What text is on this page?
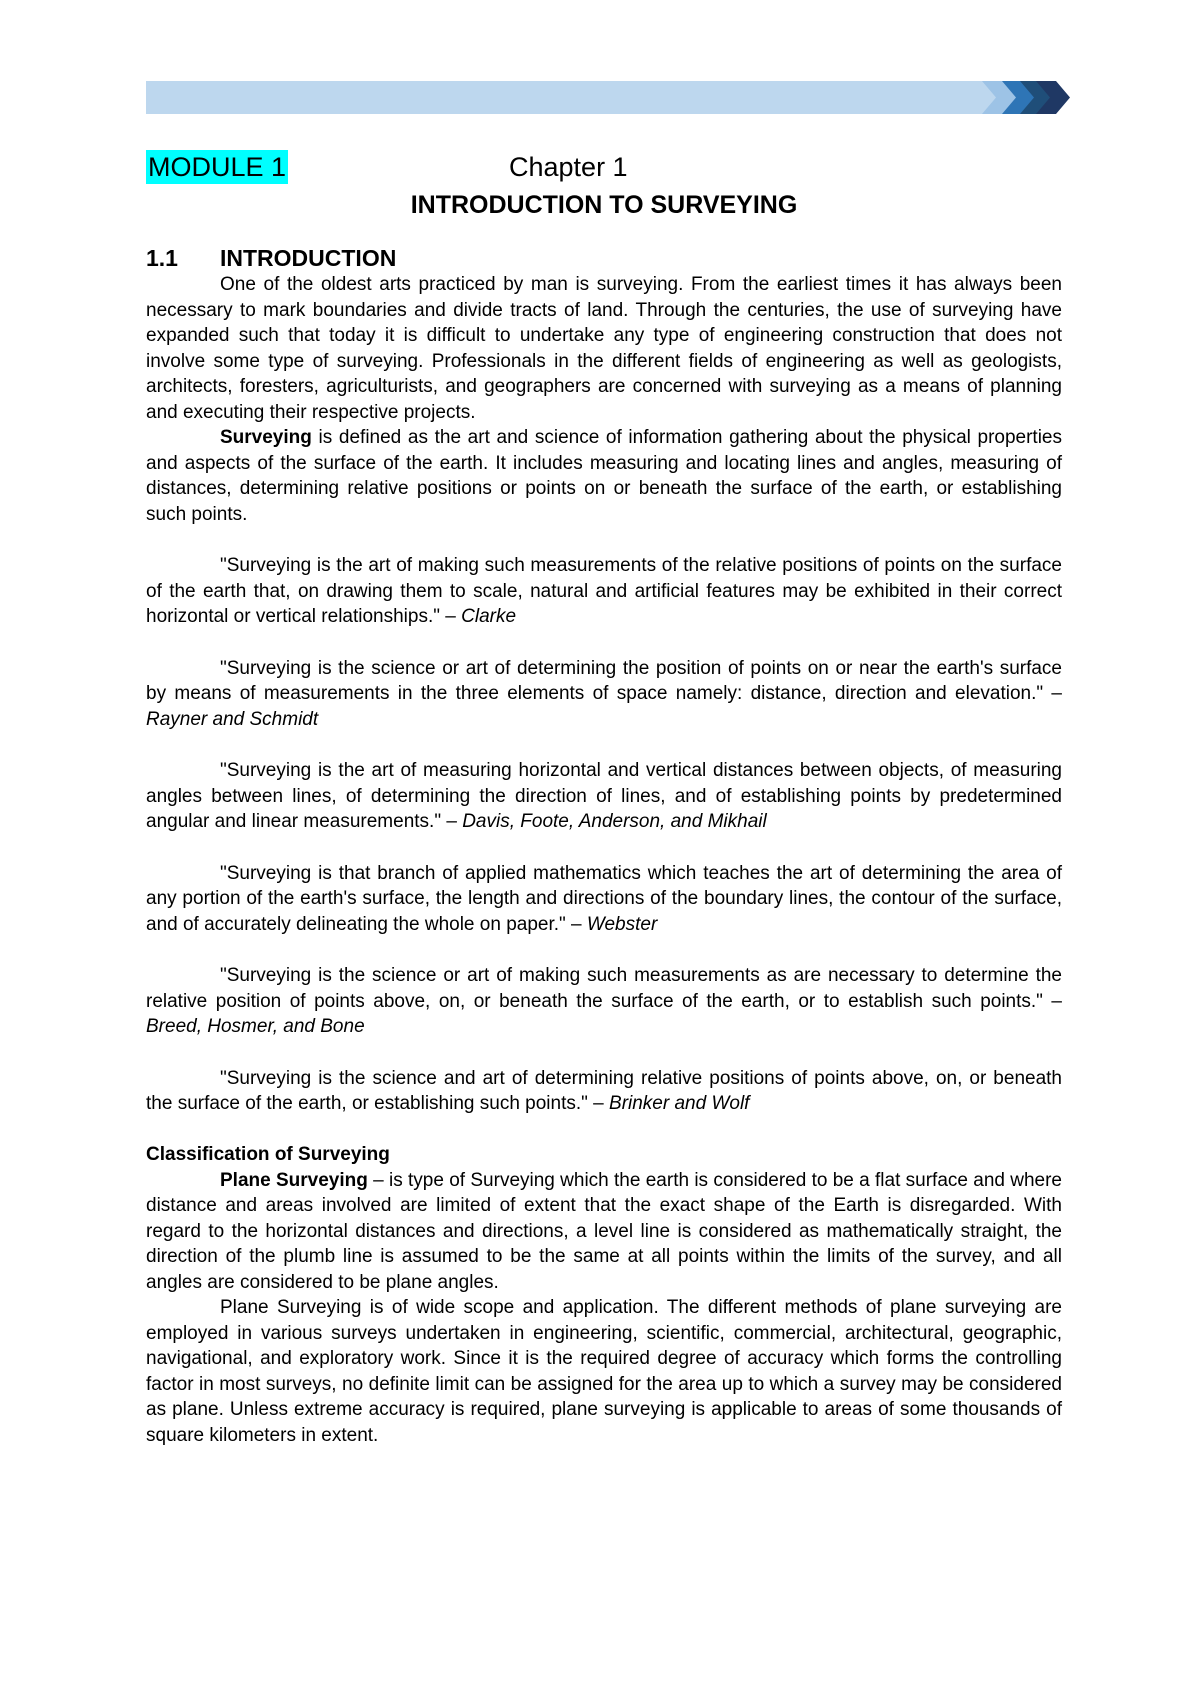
MODULE 1	Chapter 1
INTRODUCTION TO SURVEYING
1.1	INTRODUCTION

One of the oldest arts practiced by man is surveying. From the earliest times it has always been necessary to mark boundaries and divide tracts of land. Through the centuries, the use of surveying have expanded such that today it is difficult to undertake any type of engineering construction that does not involve some type of surveying. Professionals in the different fields of engineering as well as geologists, architects, foresters, agriculturists, and geographers are concerned with surveying as a means of planning and executing their respective projects.

Surveying is defined as the art and science of information gathering about the physical properties and aspects of the surface of the earth. It includes measuring and locating lines and angles, measuring of distances, determining relative positions or points on or beneath the surface of the earth, or establishing such points.

"Surveying is the art of making such measurements of the relative positions of points on the surface of the earth that, on drawing them to scale, natural and artificial features may be exhibited in their correct horizontal or vertical relationships." – Clarke

"Surveying is the science or art of determining the position of points on or near the earth's surface by means of measurements in the three elements of space namely: distance, direction and elevation." – Rayner and Schmidt

"Surveying is the art of measuring horizontal and vertical distances between objects, of measuring angles between lines, of determining the direction of lines, and of establishing points by predetermined angular and linear measurements." – Davis, Foote, Anderson, and Mikhail

"Surveying is that branch of applied mathematics which teaches the art of determining the area of any portion of the earth's surface, the length and directions of the boundary lines, the contour of the surface, and of accurately delineating the whole on paper." – Webster

"Surveying is the science or art of making such measurements as are necessary to determine the relative position of points above, on, or beneath the surface of the earth, or to establish such points." – Breed, Hosmer, and Bone

"Surveying is the science and art of determining relative positions of points above, on, or beneath the surface of the earth, or establishing such points." – Brinker and Wolf

Classification of Surveying

Plane Surveying – is type of Surveying which the earth is considered to be a flat surface and where distance and areas involved are limited of extent that the exact shape of the Earth is disregarded. With regard to the horizontal distances and directions, a level line is considered as mathematically straight, the direction of the plumb line is assumed to be the same at all points within the limits of the survey, and all angles are considered to be plane angles.

Plane Surveying is of wide scope and application. The different methods of plane surveying are employed in various surveys undertaken in engineering, scientific, commercial, architectural, geographic, navigational, and exploratory work. Since it is the required degree of accuracy which forms the controlling factor in most surveys, no definite limit can be assigned for the area up to which a survey may be considered as plane. Unless extreme accuracy is required, plane surveying is applicable to areas of some thousands of square kilometers in extent.
